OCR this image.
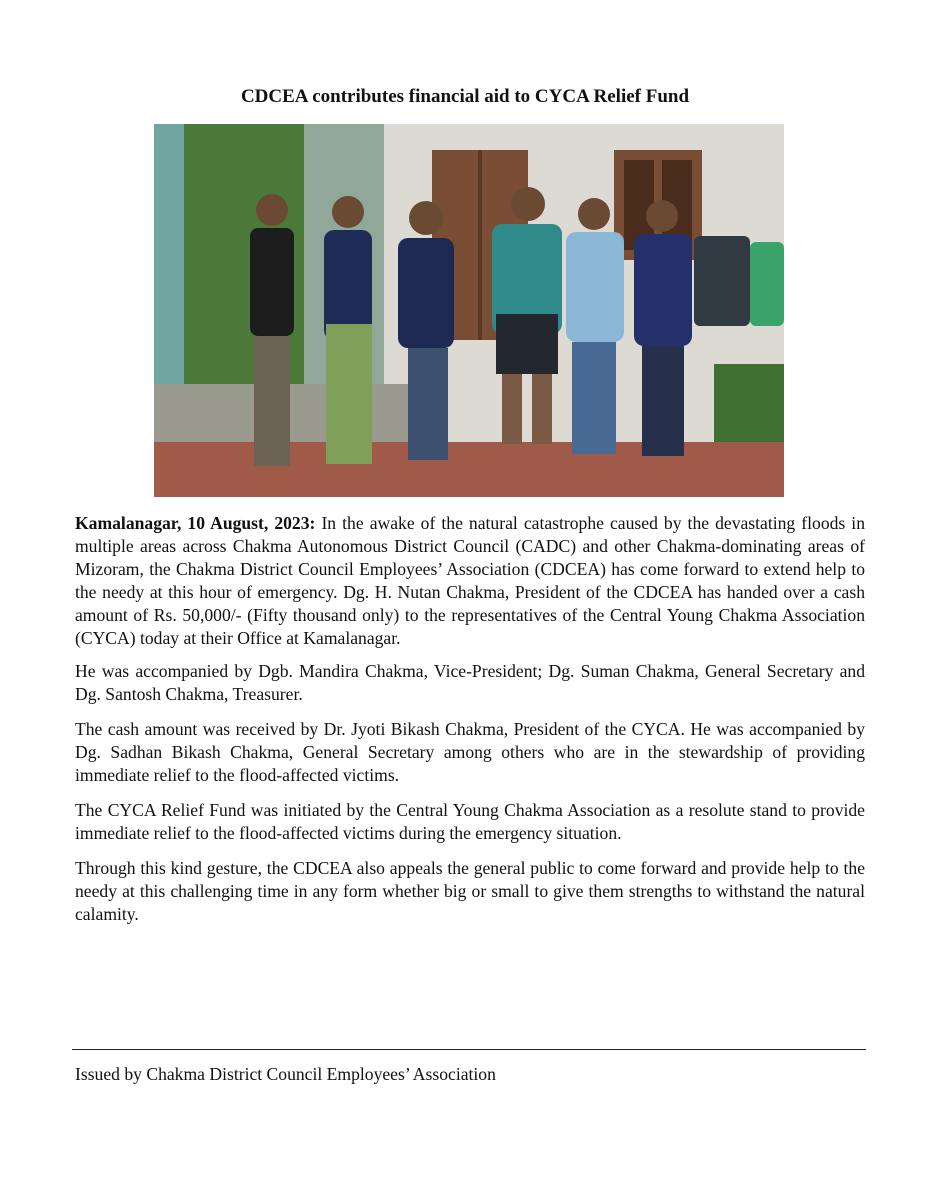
CDCEA contributes financial aid to CYCA Relief Fund

Kamalanagar, 10 August, 2023: In the awake of the natural catastrophe caused by the devastating floods in multiple areas across Chakma Autonomous District Council (CADC) and other Chakma-dominating areas of Mizoram, the Chakma District Council Employees’ Association (CDCEA) has come forward to extend help to the needy at this hour of emergency. Dg. H. Nutan Chakma, President of the CDCEA has handed over a cash amount of Rs. 50,000/- (Fifty thousand only) to the representatives of the Central Young Chakma Association (CYCA) today at their Office at Kamalanagar.

He was accompanied by Dgb. Mandira Chakma, Vice-President; Dg. Suman Chakma, General Secretary and Dg. Santosh Chakma, Treasurer.

The cash amount was received by Dr. Jyoti Bikash Chakma, President of the CYCA. He was accompanied by Dg. Sadhan Bikash Chakma, General Secretary among others who are in the stewardship of providing immediate relief to the flood-affected victims.

The CYCA Relief Fund was initiated by the Central Young Chakma Association as a resolute stand to provide immediate relief to the flood-affected victims during the emergency situation.

Through this kind gesture, the CDCEA also appeals the general public to come forward and provide help to the needy at this challenging time in any form whether big or small to give them strengths to withstand the natural calamity.

Issued by Chakma District Council Employees’ Association
